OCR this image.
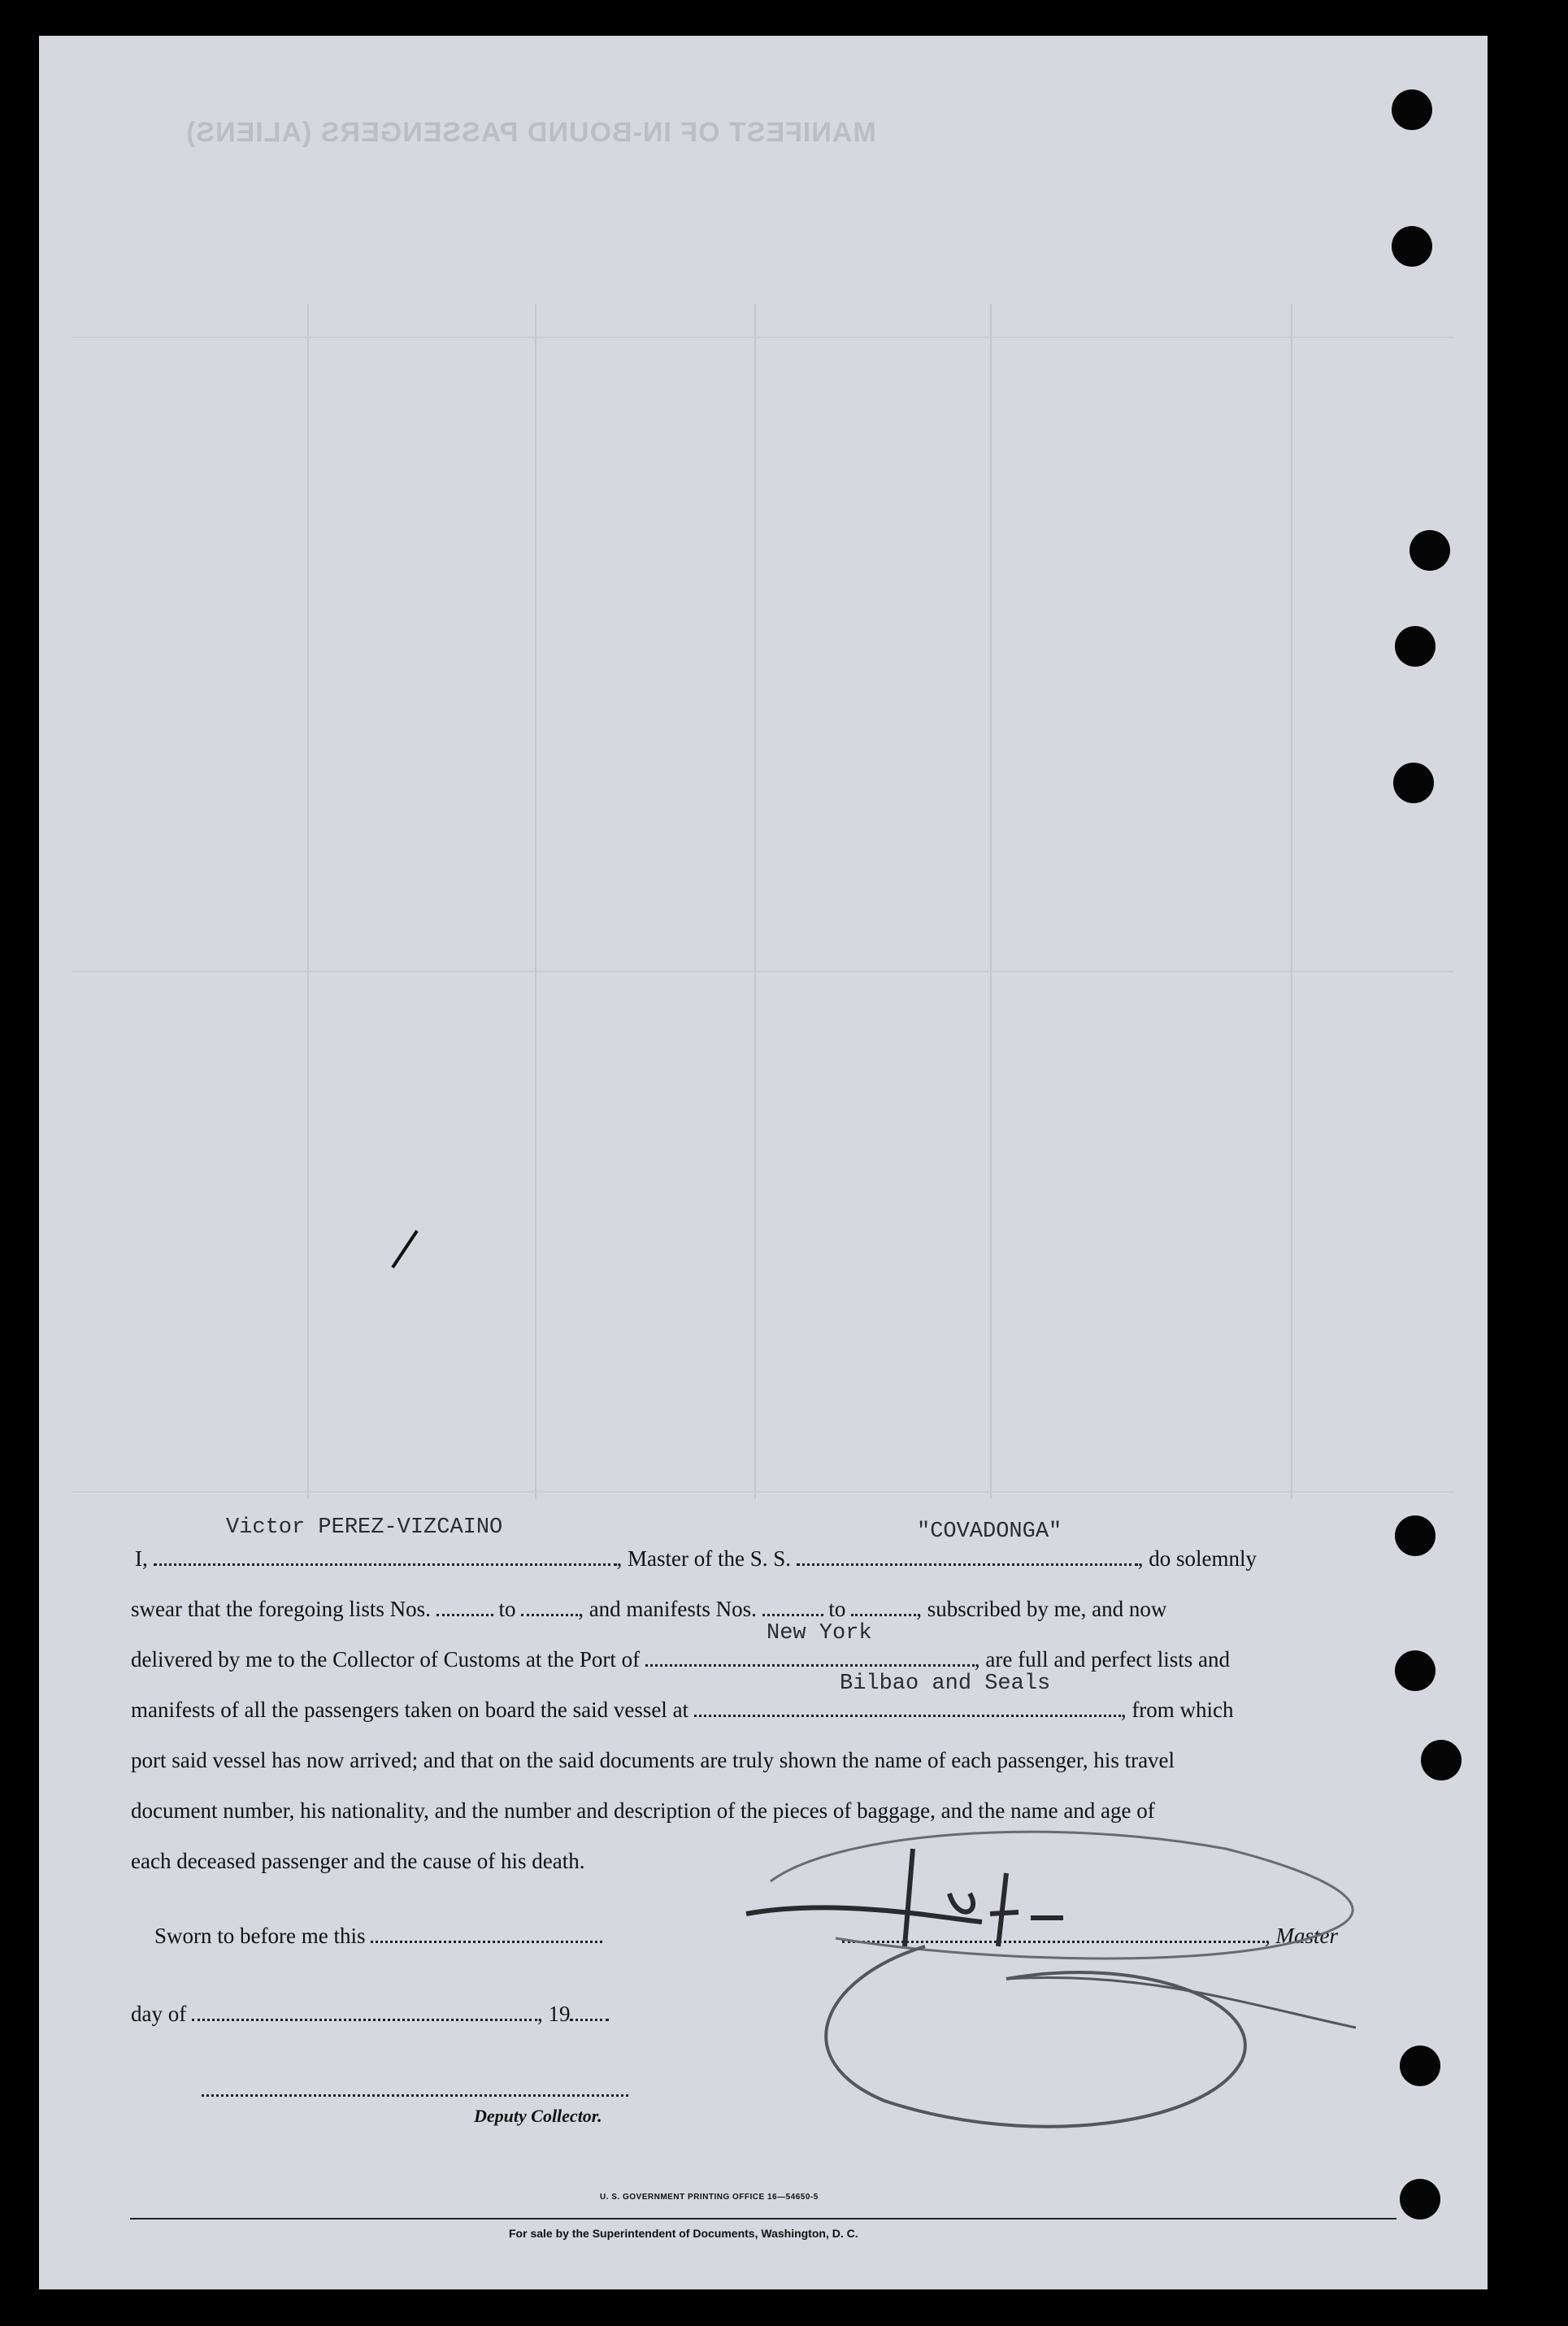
MANIFEST OF IN-BOUND PASSENGERS (ALIENS)
Victor PEREZ-VIZCAINO	"COVADONGA"
New York
Bilbao and Seals
I,	, Master of the S. S.	, do solemnly
swear that the foregoing lists Nos.	to	, and manifests Nos.	to	, subscribed by me, and now
delivered by me to the Collector of Customs at the Port of	, are full and perfect lists and
manifests of all the passengers taken on board the said vessel at	, from which
port said vessel has now arrived; and that on the said documents are truly shown the name of each passenger, his travel
document number, his nationality, and the number and description of the pieces of baggage, and the name and age of
each deceased passenger and the cause of his death.
Sworn to before me this	, Master
day of	, 19
Deputy Collector.
U. S. GOVERNMENT PRINTING OFFICE 16—54650-5
For sale by the Superintendent of Documents, Washington, D. C.
